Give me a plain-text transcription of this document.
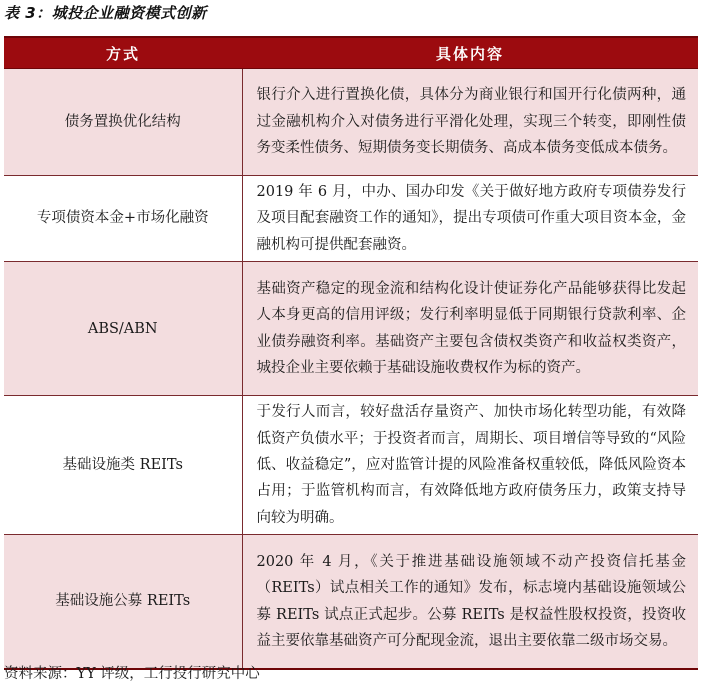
表 3：城投企业融资模式创新
方式	具体内容
债务置换优化结构	银行介入进行置换化债，具体分为商业银行和国开行化债两种，通过金融机构介入对债务进行平滑化处理，实现三个转变，即刚性债务变柔性债务、短期债务变长期债务、高成本债务变低成本债务。
专项债资本金+市场化融资	2019 年 6 月，中办、国办印发《关于做好地方政府专项债券发行及项目配套融资工作的通知》，提出专项债可作重大项目资本金，金融机构可提供配套融资。
ABS/ABN	基础资产稳定的现金流和结构化设计使证券化产品能够获得比发起人本身更高的信用评级；发行利率明显低于同期银行贷款利率、企业债券融资利率。基础资产主要包含债权类资产和收益权类资产，城投企业主要依赖于基础设施收费权作为标的资产。
基础设施类 REITs	于发行人而言，较好盘活存量资产、加快市场化转型功能，有效降低资产负债水平；于投资者而言，周期长、项目增信等导致的“风险低、收益稳定”，应对监管计提的风险准备权重较低，降低风险资本占用；于监管机构而言，有效降低地方政府债务压力，政策支持导向较为明确。
基础设施公募 REITs	2020 年 4 月，《关于推进基础设施领域不动产投资信托基金（REITs）试点相关工作的通知》发布，标志境内基础设施领域公募 REITs 试点正式起步。公募 REITs 是权益性股权投资，投资收益主要依靠基础资产可分配现金流，退出主要依靠二级市场交易。
资料来源：YY 评级，工行投行研究中心
